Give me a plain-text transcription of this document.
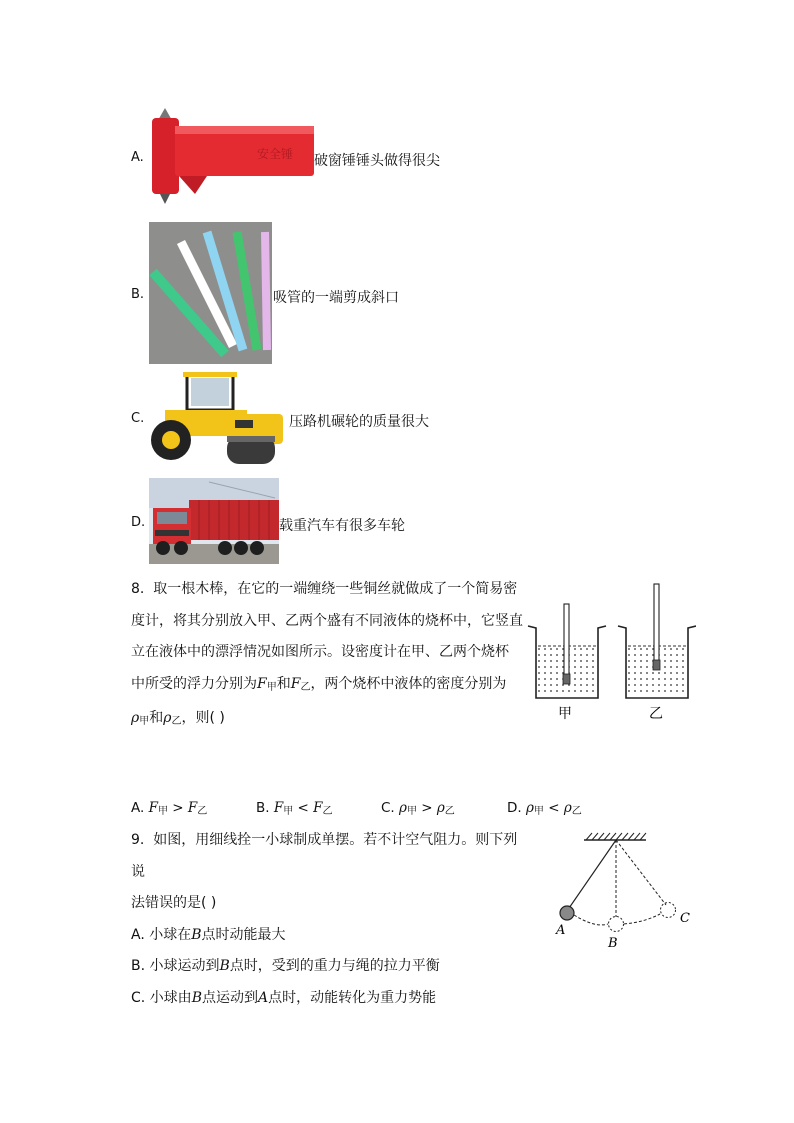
A.	安全锤 破窗锤锤头做得很尖
B.	吸管的一端剪成斜口
C.	压路机碾轮的质量很大
D.	载重汽车有很多车轮
8. 取一根木棒，在它的一端缠绕一些铜丝就做成了一个简易密
度计，将其分别放入甲、乙两个盛有不同液体的烧杯中，它竖直
立在液体中的漂浮情况如图所示。设密度计在甲、乙两个烧杯
中所受的浮力分别为$F_甲$和$F_乙$，两个烧杯中液体的密度分别为
$\rho_甲$和$\rho_乙$，则( )	甲	乙
A. $F_甲 > F_乙$	B. $F_甲 < F_乙$	C. $\rho_甲 > \rho_乙$	D. $\rho_甲 < \rho_乙$
9. 如图，用细线拴一小球制成单摆。若不计空气阻力。则下列说
法错误的是( )
A. 小球在B点时动能最大
B. 小球运动到B点时，受到的重力与绳的拉力平衡
C. 小球由B点运动到A点时，动能转化为重力势能
A
B
C
